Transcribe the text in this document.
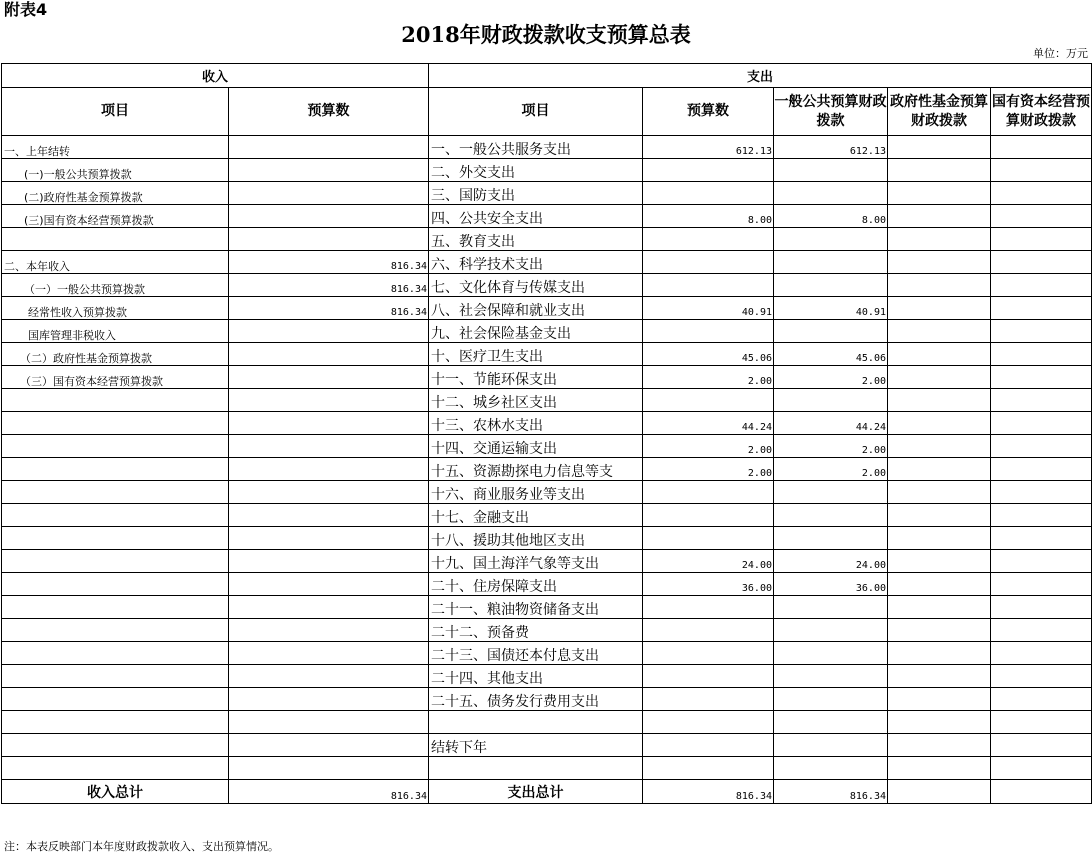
附表4
2018年财政拨款收支预算总表
单位：万元
收入		支出				
项目	预算数	项目	预算数	一般公共预算财政拨款	政府性基金预算财政拨款	国有资本经营预算财政拨款
一、上年结转		一、一般公共服务支出	612.13	612.13		
(一)一般公共预算拨款		二、外交支出				
(二)政府性基金预算拨款		三、国防支出				
(三)国有资本经营预算拨款		四、公共安全支出	8.00	8.00		
		五、教育支出				
二、本年收入	816.34	六、科学技术支出				
（一）一般公共预算拨款	816.34	七、文化体育与传媒支出				
经常性收入预算拨款	816.34	八、社会保障和就业支出	40.91	40.91		
国库管理非税收入		九、社会保险基金支出				
（二）政府性基金预算拨款		十、医疗卫生支出	45.06	45.06		
（三）国有资本经营预算拨款		十一、节能环保支出	2.00	2.00		
		十二、城乡社区支出				
		十三、农林水支出	44.24	44.24		
		十四、交通运输支出	2.00	2.00		
		十五、资源勘探电力信息等支	2.00	2.00		
		十六、商业服务业等支出				
		十七、金融支出				
		十八、援助其他地区支出				
		十九、国土海洋气象等支出	24.00	24.00		
		二十、住房保障支出	36.00	36.00		
		二十一、粮油物资储备支出				
		二十二、预备费				
		二十三、国债还本付息支出				
		二十四、其他支出				
		二十五、债务发行费用支出				

		结转下年				

收入总计	816.34	支出总计	816.34	816.34		
注：本表反映部门本年度财政拨款收入、支出预算情况。
